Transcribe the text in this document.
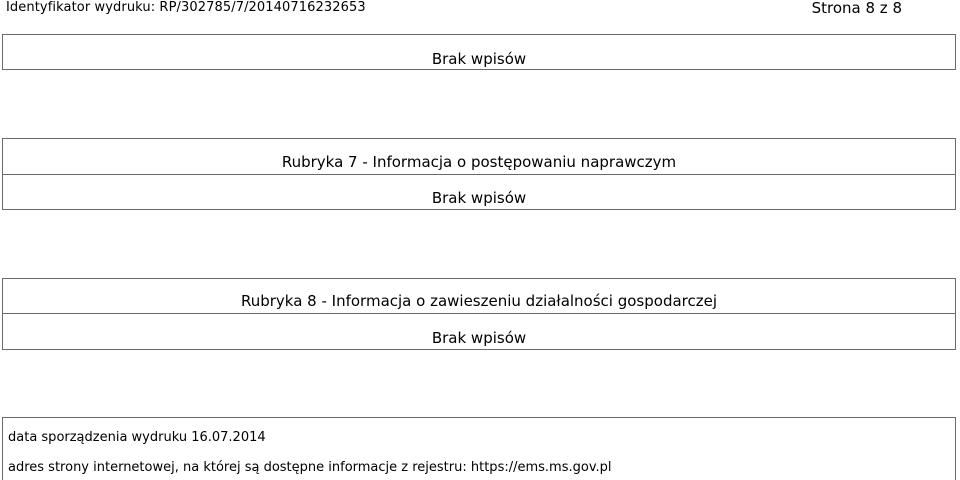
Identyfikator wydruku: RP/302785/7/20140716232653	Strona 8 z 8
Brak wpisów
Rubryka 7 - Informacja o postępowaniu naprawczym
Brak wpisów
Rubryka 8 - Informacja o zawieszeniu działalności gospodarczej
Brak wpisów
data sporządzenia wydruku 16.07.2014
adres strony internetowej, na której są dostępne informacje z rejestru: https://ems.ms.gov.pl
